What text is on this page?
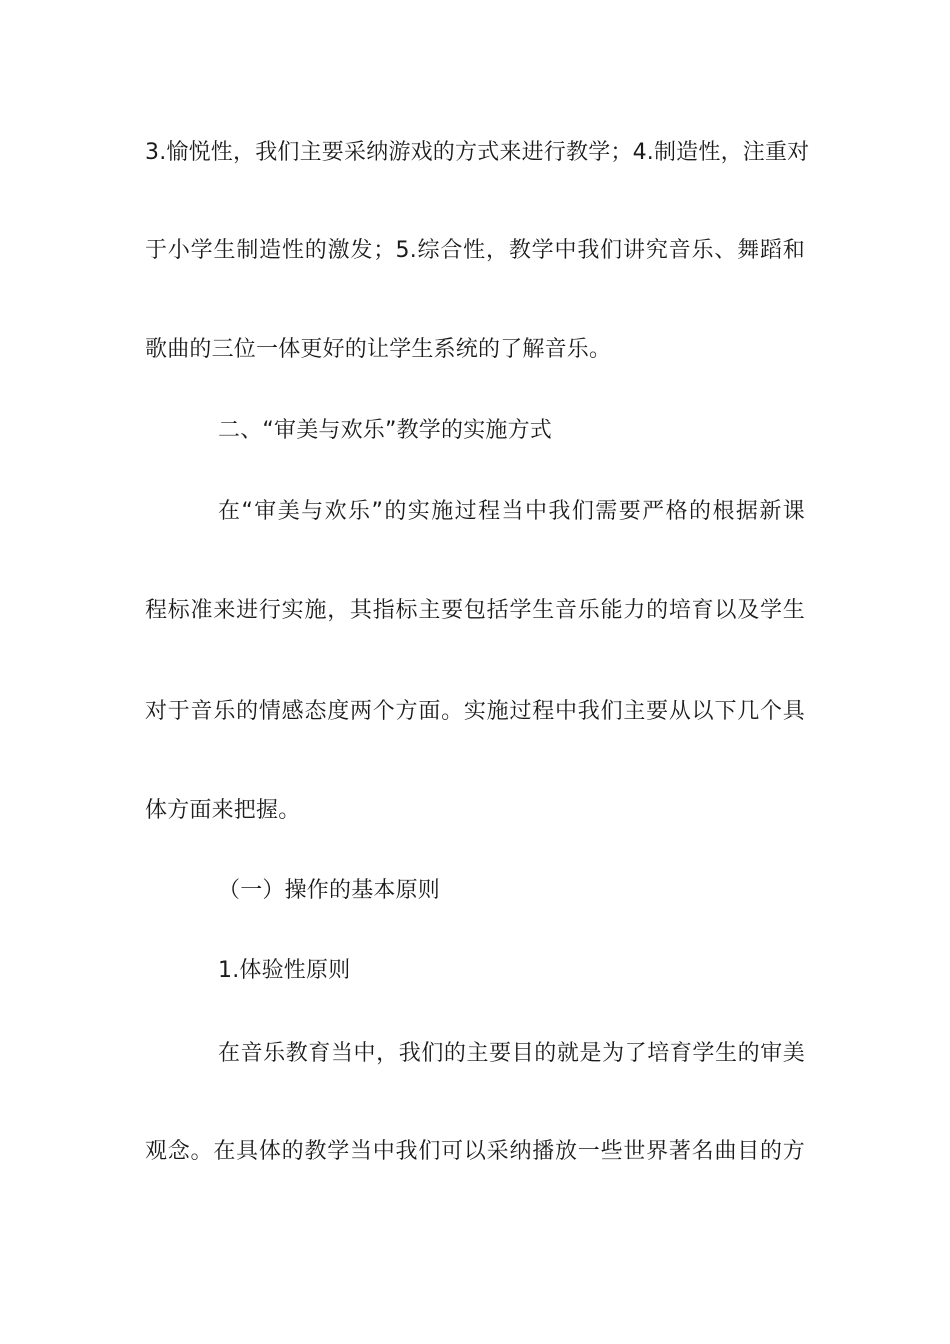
3.愉悦性，我们主要采纳游戏的方式来进行教学；4.制造性，注重对
于小学生制造性的激发；5.综合性，教学中我们讲究音乐、舞蹈和
歌曲的三位一体更好的让学生系统的了解音乐。
二、“审美与欢乐”教学的实施方式
在“审美与欢乐”的实施过程当中我们需要严格的根据新课
程标准来进行实施，其指标主要包括学生音乐能力的培育以及学生
对于音乐的情感态度两个方面。实施过程中我们主要从以下几个具
体方面来把握。
（一）操作的基本原则
1.体验性原则
在音乐教育当中，我们的主要目的就是为了培育学生的审美
观念。在具体的教学当中我们可以采纳播放一些世界著名曲目的方
